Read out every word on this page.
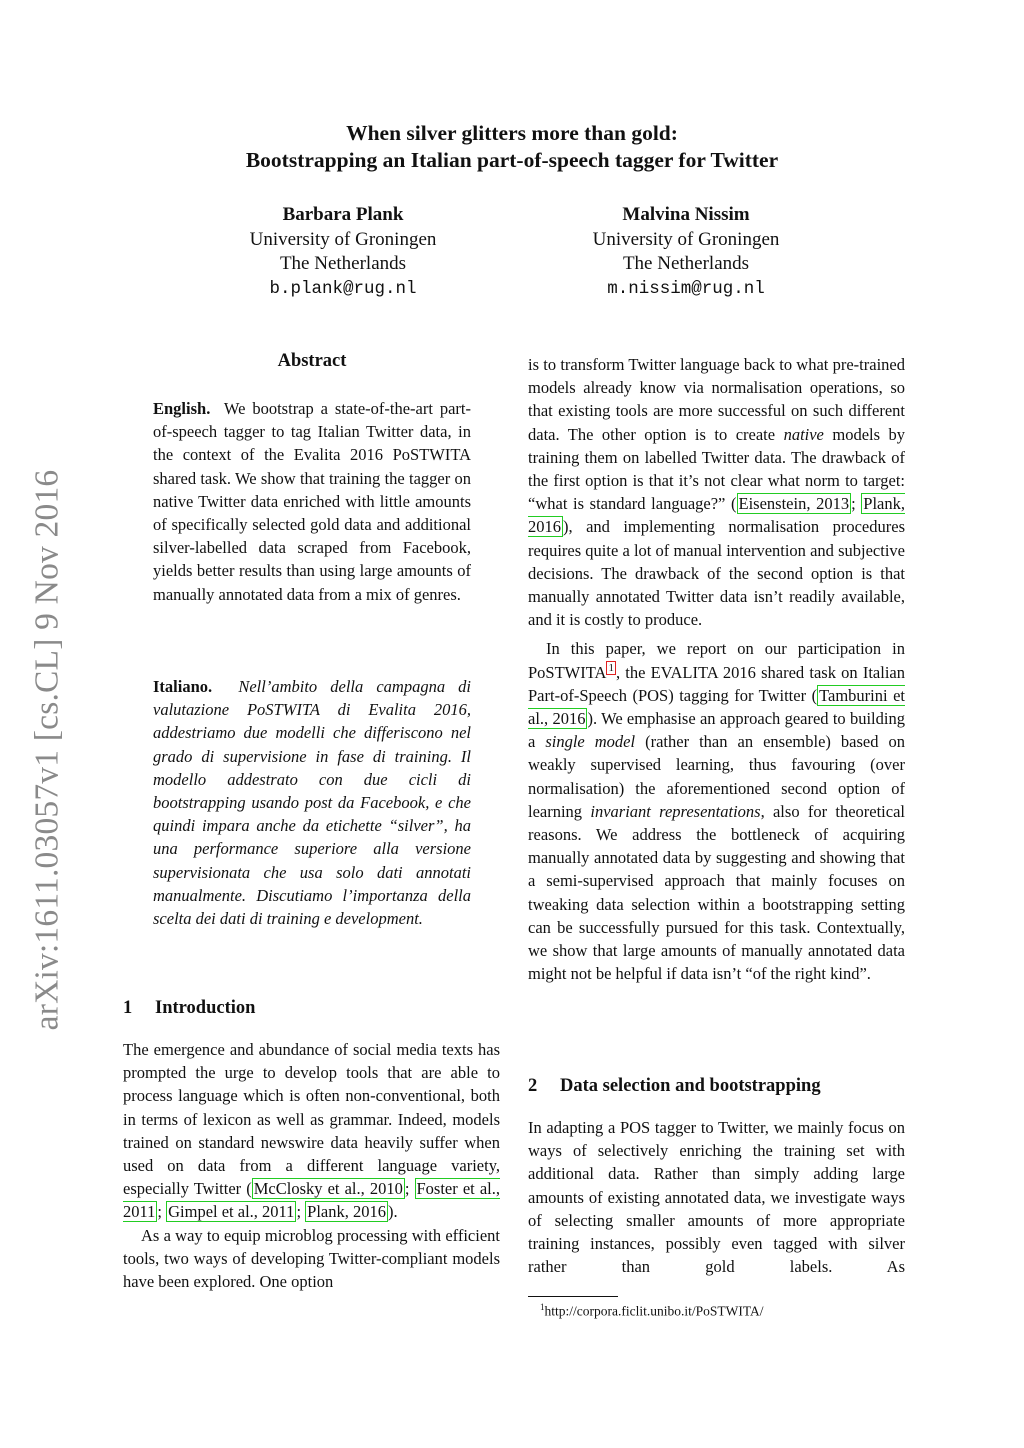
arXiv:1611.03057v1 [cs.CL] 9 Nov 2016
When silver glitters more than gold:
Bootstrapping an Italian part-of-speech tagger for Twitter
Barbara Plank
University of Groningen
The Netherlands
b.plank@rug.nl
Malvina Nissim
University of Groningen
The Netherlands
m.nissim@rug.nl
Abstract

English. We bootstrap a state-of-the-art part-of-speech tagger to tag Italian Twitter data, in the context of the Evalita 2016 PoSTWITA shared task. We show that training the tagger on native Twitter data enriched with little amounts of specifically selected gold data and additional silver-labelled data scraped from Facebook, yields better results than using large amounts of manually annotated data from a mix of genres.

Italiano. Nell’ambito della campagna di valutazione PoSTWITA di Evalita 2016, addestriamo due modelli che differiscono nel grado di supervisione in fase di training. Il modello addestrato con due cicli di bootstrapping usando post da Facebook, e che quindi impara anche da etichette “silver”, ha una performance superiore alla versione supervisionata che usa solo dati annotati manualmente. Discutiamo l’importanza della scelta dei dati di training e development.

1 Introduction

The emergence and abundance of social media texts has prompted the urge to develop tools that are able to process language which is often non-conventional, both in terms of lexicon as well as grammar. Indeed, models trained on standard newswire data heavily suffer when used on data from a different language variety, especially Twitter ( McClosky et al., 2010 ; Foster et al., 2011 ; Gimpel et al., 2011 ; Plank, 2016 ).

As a way to equip microblog processing with efficient tools, two ways of developing Twitter-compliant models have been explored. One option

is to transform Twitter language back to what pre-trained models already know via normalisation operations, so that existing tools are more successful on such different data. The other option is to create native models by training them on labelled Twitter data. The drawback of the first option is that it’s not clear what norm to target: “what is standard language?” ( Eisenstein, 2013 ; Plank, 2016 ), and implementing normalisation procedures requires quite a lot of manual intervention and subjective decisions. The drawback of the second option is that manually annotated Twitter data isn’t readily available, and it is costly to produce.

In this paper, we report on our participation in PoSTWITA $^1$ , the EVALITA 2016 shared task on Italian Part-of-Speech (POS) tagging for Twitter ( Tamburini et al., 2016 ). We emphasise an approach geared to building a single model (rather than an ensemble) based on weakly supervised learning, thus favouring (over normalisation) the aforementioned second option of learning invariant representations, also for theoretical reasons. We address the bottleneck of acquiring manually annotated data by suggesting and showing that a semi-supervised approach that mainly focuses on tweaking data selection within a bootstrapping setting can be successfully pursued for this task. Contextually, we show that large amounts of manually annotated data might not be helpful if data isn’t “of the right kind”.

2 Data selection and bootstrapping

In adapting a POS tagger to Twitter, we mainly focus on ways of selectively enriching the training set with additional data. Rather than simply adding large amounts of existing annotated data, we investigate ways of selecting smaller amounts of more appropriate training instances, possibly even tagged with silver rather than gold labels. As

$^1$http://corpora.ficlit.unibo.it/PoSTWITA/
